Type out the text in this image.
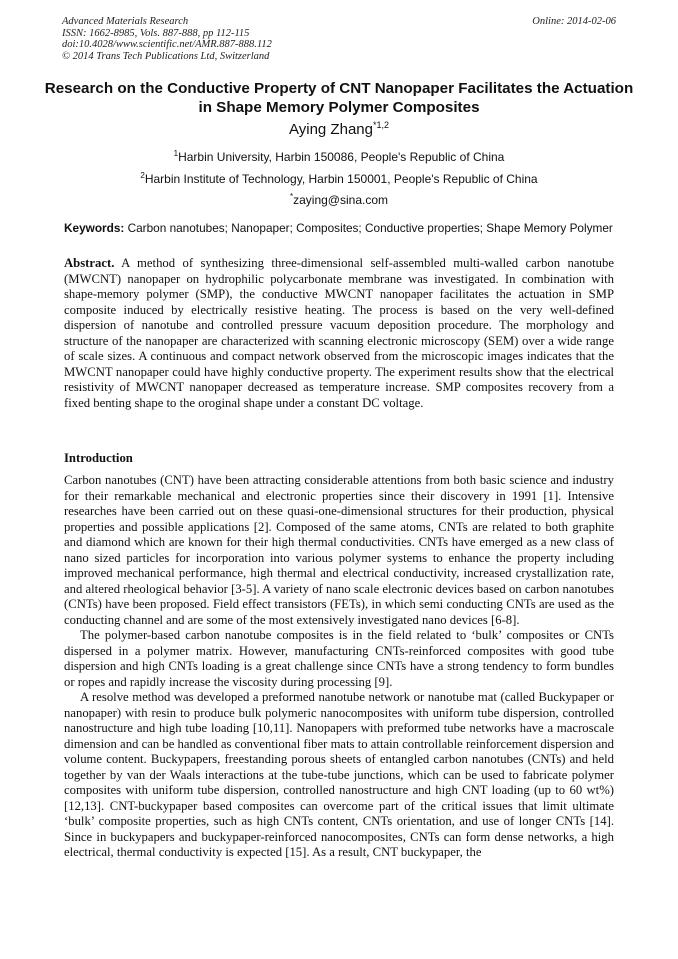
Advanced Materials Research
ISSN: 1662-8985, Vols. 887-888, pp 112-115
doi:10.4028/www.scientific.net/AMR.887-888.112
© 2014 Trans Tech Publications Ltd, Switzerland
Online: 2014-02-06
Research on the Conductive Property of CNT Nanopaper Facilitates the Actuation in Shape Memory Polymer Composites
Aying Zhang$^{*1,2}$
$^1$Harbin University, Harbin 150086, People's Republic of China
$^2$Harbin Institute of Technology, Harbin 150001, People's Republic of China
*zaying@sina.com
Keywords: Carbon nanotubes; Nanopaper; Composites; Conductive properties; Shape Memory Polymer
Abstract. A method of synthesizing three-dimensional self-assembled multi-walled carbon nanotube (MWCNT) nanopaper on hydrophilic polycarbonate membrane was investigated. In combination with shape-memory polymer (SMP), the conductive MWCNT nanopaper facilitates the actuation in SMP composite induced by electrically resistive heating. The process is based on the very well-defined dispersion of nanotube and controlled pressure vacuum deposition procedure. The morphology and structure of the nanopaper are characterized with scanning electronic microscopy (SEM) over a wide range of scale sizes. A continuous and compact network observed from the microscopic images indicates that the MWCNT nanopaper could have highly conductive property. The experiment results show that the electrical resistivity of MWCNT nanopaper decreased as temperature increase. SMP composites recovery from a fixed benting shape to the oroginal shape under a constant DC voltage.
Introduction

Carbon nanotubes (CNT) have been attracting considerable attentions from both basic science and industry for their remarkable mechanical and electronic properties since their discovery in 1991 [1]. Intensive researches have been carried out on these quasi-one-dimensional structures for their production, physical properties and possible applications [2]. Composed of the same atoms, CNTs are related to both graphite and diamond which are known for their high thermal conductivities. CNTs have emerged as a new class of nano sized particles for incorporation into various polymer systems to enhance the property including improved mechanical performance, high thermal and electrical conductivity, increased crystallization rate, and altered rheological behavior [3-5]. A variety of nano scale electronic devices based on carbon nanotubes (CNTs) have been proposed. Field effect transistors (FETs), in which semi conducting CNTs are used as the conducting channel and are some of the most extensively investigated nano devices [6-8].

The polymer-based carbon nanotube composites is in the field related to ‘bulk’ composites or CNTs dispersed in a polymer matrix. However, manufacturing CNTs-reinforced composites with good tube dispersion and high CNTs loading is a great challenge since CNTs have a strong tendency to form bundles or ropes and rapidly increase the viscosity during processing [9].

A resolve method was developed a preformed nanotube network or nanotube mat (called Buckypaper or nanopaper) with resin to produce bulk polymeric nanocomposites with uniform tube dispersion, controlled nanostructure and high tube loading [10,11]. Nanopapers with preformed tube networks have a macroscale dimension and can be handled as conventional fiber mats to attain controllable reinforcement dispersion and volume content. Buckypapers, freestanding porous sheets of entangled carbon nanotubes (CNTs) and held together by van der Waals interactions at the tube-tube junctions, which can be used to fabricate polymer composites with uniform tube dispersion, controlled nanostructure and high CNT loading (up to 60 wt%) [12,13]. CNT-buckypaper based composites can overcome part of the critical issues that limit ultimate ‘bulk’ composite properties, such as high CNTs content, CNTs orientation, and use of longer CNTs [14]. Since in buckypapers and buckypaper-reinforced nanocomposites, CNTs can form dense networks, a high electrical, thermal conductivity is expected [15]. As a result, CNT buckypaper, the
